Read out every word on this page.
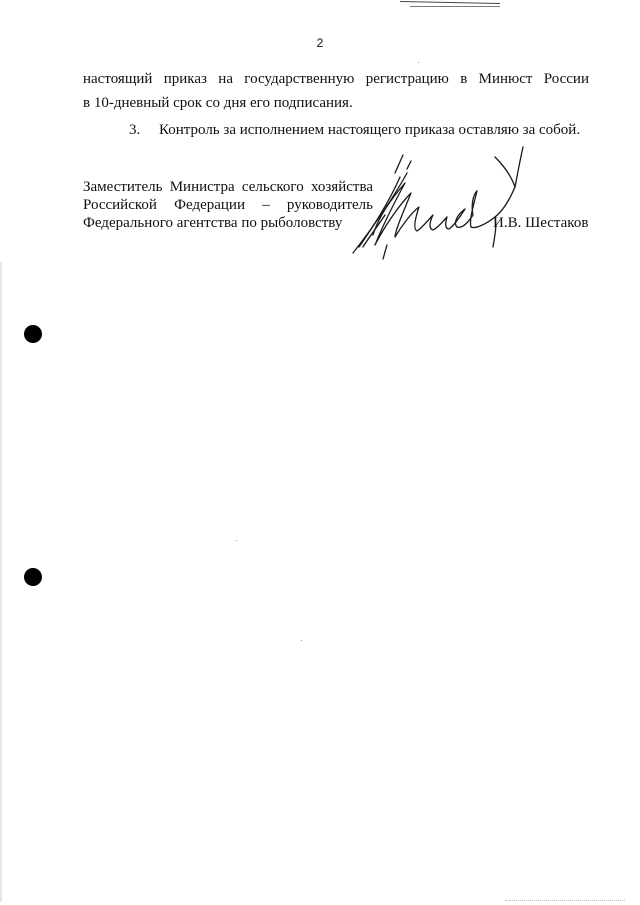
2
настоящий приказ на государственную регистрацию в Минюст России
в 10-дневный срок со дня его подписания.
3. Контроль за исполнением настоящего приказа оставляю за собой.
Заместитель Министра сельского хозяйства
Российской Федерации – руководитель
Федерального агентства по рыболовству	И.В. Шестаков
